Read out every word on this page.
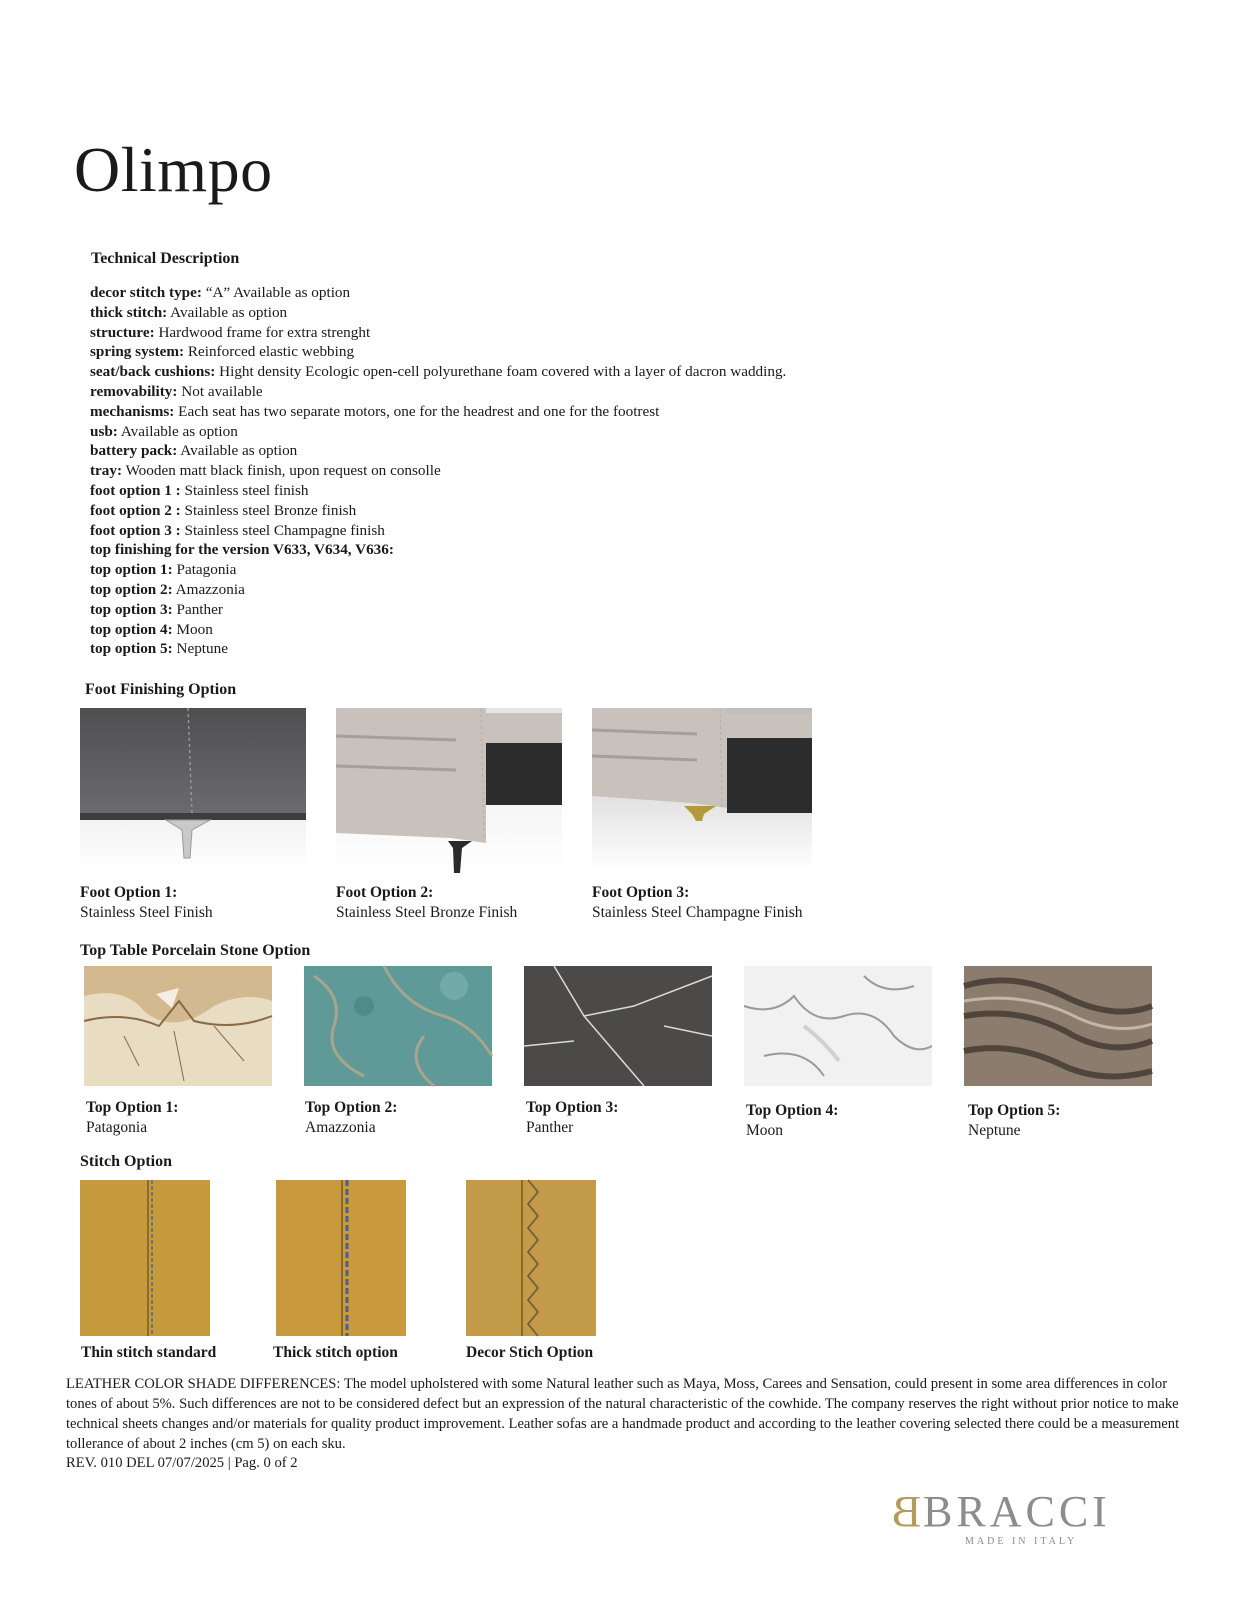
Olimpo
Technical Description
decor stitch type: “A” Available as option
thick stitch: Available as option
structure: Hardwood frame for extra strenght
spring system: Reinforced elastic webbing
seat/back cushions: Hight density Ecologic open-cell polyurethane foam covered with a layer of dacron wadding.
removability: Not available
mechanisms: Each seat has two separate motors, one for the headrest and one for the footrest
usb: Available as option
battery pack: Available as option
tray: Wooden matt black finish, upon request on consolle
foot option 1 : Stainless steel finish
foot option 2 : Stainless steel Bronze finish
foot option 3 : Stainless steel Champagne finish
top finishing for the version V633, V634, V636:
top option 1: Patagonia
top option 2: Amazzonia
top option 3: Panther
top option 4: Moon
top option 5: Neptune
Foot Finishing Option
Foot Option 1:
Stainless Steel Finish
Foot Option 2:
Stainless Steel Bronze Finish
Foot Option 3:
Stainless Steel Champagne Finish
Top Table Porcelain Stone Option
Top Option 1:
Patagonia
Top Option 2:
Amazzonia
Top Option 3:
Panther
Top Option 4:
Moon
Top Option 5:
Neptune
Stitch Option
Thin stitch standard	Thick stitch option	Decor Stich Option
LEATHER COLOR SHADE DIFFERENCES: The model upholstered with some Natural leather such as Maya, Moss, Carees and Sensation, could present in some area differences in color tones of about 5%. Such differences are not to be considered defect but an expression of the natural characteristic of the cowhide. The company reserves the right without prior notice to make technical sheets changes and/or materials for quality product improvement. Leather sofas are a handmade product and according to the leather covering selected there could be a measurement tollerance of about 2 inches (cm 5) on each sku.
REV. 010 DEL 07/07/2025 | Pag. 0 of 2
B BRACCI
MADE IN ITALY
